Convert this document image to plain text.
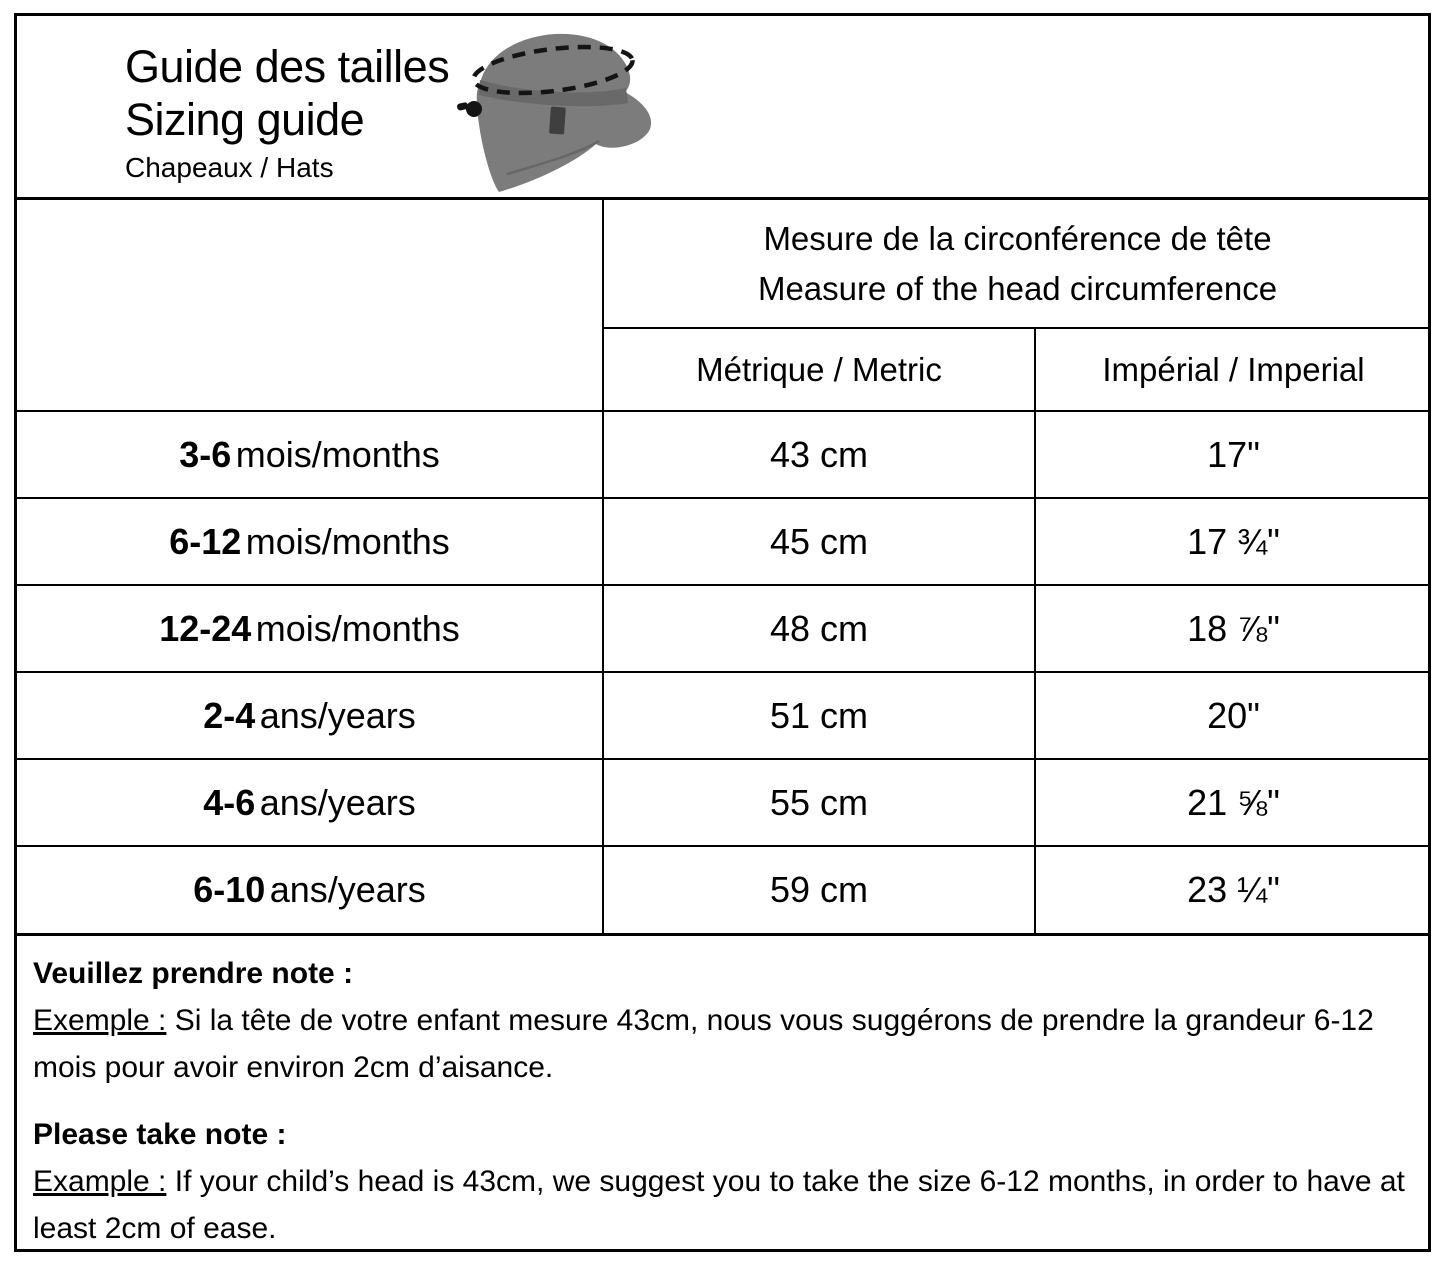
Guide des tailles
Sizing guide
Chapeaux / Hats

	Mesure de la circonférence de tête
Measure of the head circumference	

	Métrique / Metric	Impérial / Imperial
3-6 mois/months	43 cm	17"
6-12 mois/months	45 cm	17 ¾"
12-24 mois/months	48 cm	18 ⅞"
2-4 ans/years	51 cm	20"
4-6 ans/years	55 cm	21 ⅝"
6-10 ans/years	59 cm	23 ¼"
Veuillez prendre note :
Exemple : Si la tête de votre enfant mesure 43cm, nous vous suggérons de prendre la grandeur 6-12 mois pour avoir environ 2cm d’aisance.
Please take note :
Example : If your child’s head is 43cm, we suggest you to take the size 6-12 months, in order to have at least 2cm of ease.
